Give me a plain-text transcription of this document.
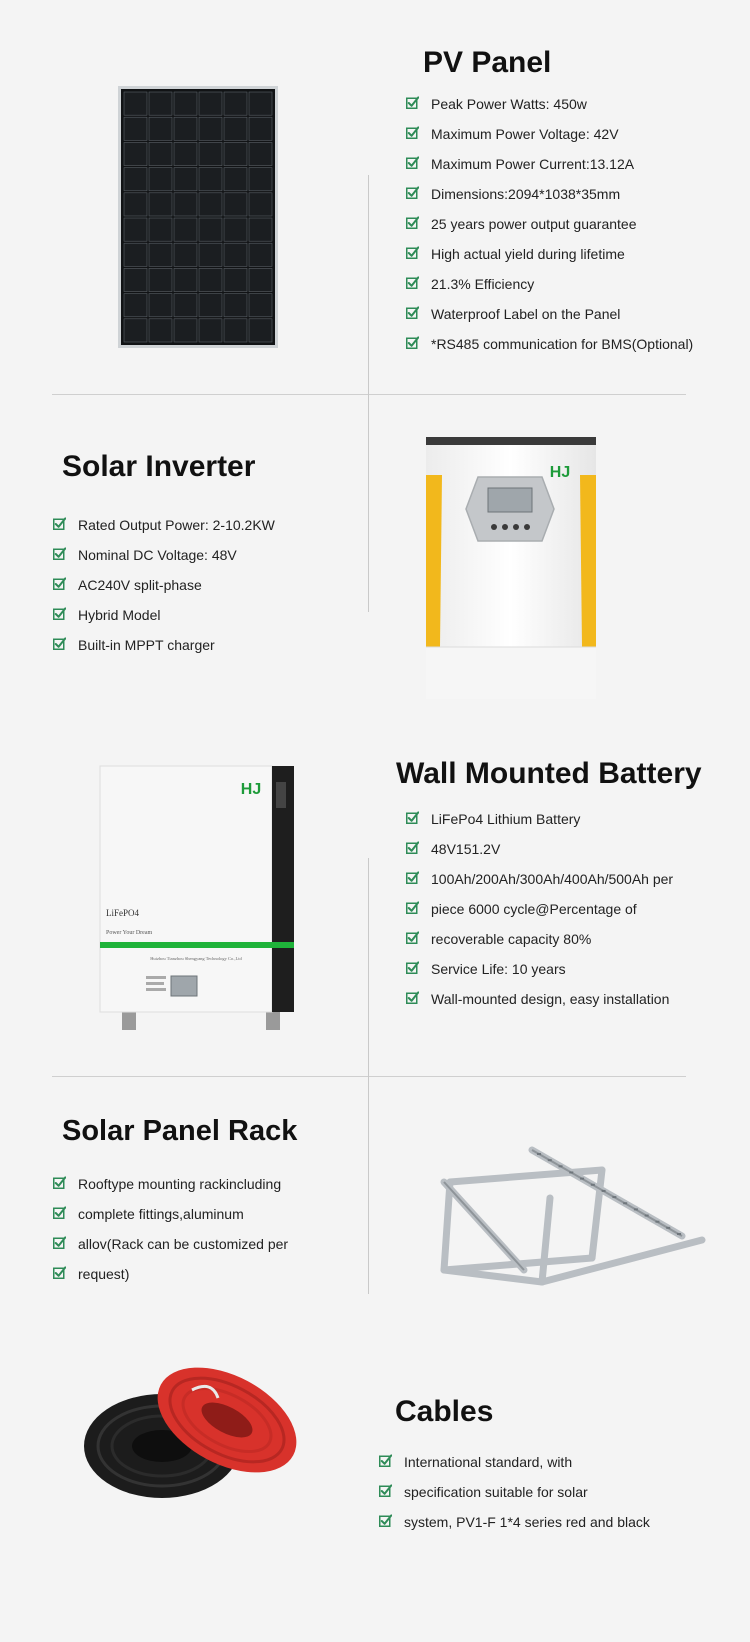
PV Panel
Peak Power Watts: 450w
Maximum Power Voltage: 42V
Maximum Power Current:13.12A
Dimensions:2094*1038*35mm
25 years power output guarantee
High actual yield during lifetime
21.3% Efficiency
Waterproof Label on the Panel
*RS485 communication for BMS(Optional)
Solar Inverter
Rated Output Power: 2-10.2KW
Nominal DC Voltage: 48V
AC240V split-phase
Hybrid Model
Built-in MPPT charger
HJ
HJ
LiFePO4
Power Your Dream
Huizhou Tianzhou Shengyang Technology Co.,Ltd
Wall Mounted Battery
LiFePo4 Lithium Battery
48V151.2V
100Ah/200Ah/300Ah/400Ah/500Ah per
piece 6000 cycle@Percentage of
recoverable capacity 80%
Service Life: 10 years
Wall-mounted design, easy installation
Solar Panel Rack
Rooftype mounting rackincluding
complete fittings,aluminum
allov(Rack can be customized per
request)
Cables
International standard, with
specification suitable for solar
system, PV1-F 1*4 series red and black
